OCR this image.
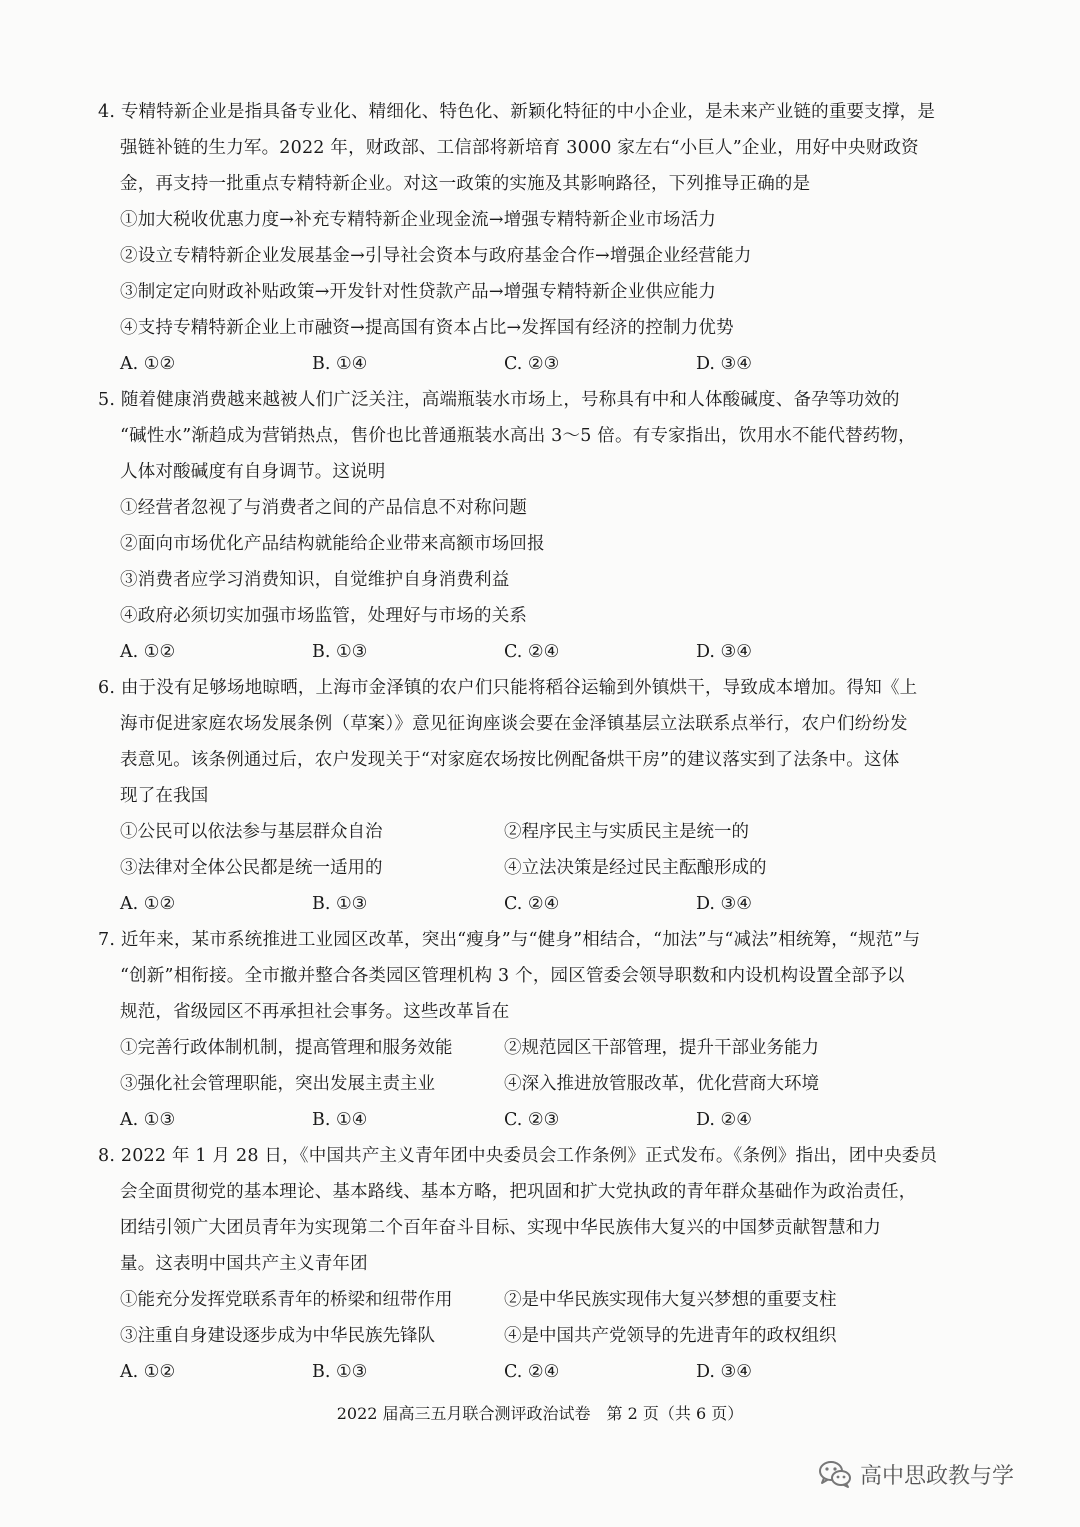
4. 专精特新企业是指具备专业化、精细化、特色化、新颖化特征的中小企业，是未来产业链的重要支撑，是
强链补链的生力军。2022 年，财政部、工信部将新培育 3000 家左右“小巨人”企业，用好中央财政资
金，再支持一批重点专精特新企业。对这一政策的实施及其影响路径，下列推导正确的是
①加大税收优惠力度→补充专精特新企业现金流→增强专精特新企业市场活力
②设立专精特新企业发展基金→引导社会资本与政府基金合作→增强企业经营能力
③制定定向财政补贴政策→开发针对性贷款产品→增强专精特新企业供应能力
④支持专精特新企业上市融资→提高国有资本占比→发挥国有经济的控制力优势
A. ①②	B. ①④	C. ②③	D. ③④
5. 随着健康消费越来越被人们广泛关注，高端瓶装水市场上，号称具有中和人体酸碱度、备孕等功效的
“碱性水”渐趋成为营销热点，售价也比普通瓶装水高出 3～5 倍。有专家指出，饮用水不能代替药物，
人体对酸碱度有自身调节。这说明
①经营者忽视了与消费者之间的产品信息不对称问题
②面向市场优化产品结构就能给企业带来高额市场回报
③消费者应学习消费知识，自觉维护自身消费利益
④政府必须切实加强市场监管，处理好与市场的关系
A. ①②	B. ①③	C. ②④	D. ③④
6. 由于没有足够场地晾晒，上海市金泽镇的农户们只能将稻谷运输到外镇烘干，导致成本增加。得知《上
海市促进家庭农场发展条例（草案）》意见征询座谈会要在金泽镇基层立法联系点举行，农户们纷纷发
表意见。该条例通过后，农户发现关于“对家庭农场按比例配备烘干房”的建议落实到了法条中。这体
现了在我国
①公民可以依法参与基层群众自治	②程序民主与实质民主是统一的
③法律对全体公民都是统一适用的	④立法决策是经过民主酝酿形成的
A. ①②	B. ①③	C. ②④	D. ③④
7. 近年来，某市系统推进工业园区改革，突出“瘦身”与“健身”相结合，“加法”与“减法”相统筹，“规范”与
“创新”相衔接。全市撤并整合各类园区管理机构 3 个，园区管委会领导职数和内设机构设置全部予以
规范，省级园区不再承担社会事务。这些改革旨在
①完善行政体制机制，提高管理和服务效能	②规范园区干部管理，提升干部业务能力
③强化社会管理职能，突出发展主责主业	④深入推进放管服改革，优化营商大环境
A. ①③	B. ①④	C. ②③	D. ②④
8. 2022 年 1 月 28 日，《中国共产主义青年团中央委员会工作条例》正式发布。《条例》指出，团中央委员
会全面贯彻党的基本理论、基本路线、基本方略，把巩固和扩大党执政的青年群众基础作为政治责任，
团结引领广大团员青年为实现第二个百年奋斗目标、实现中华民族伟大复兴的中国梦贡献智慧和力
量。这表明中国共产主义青年团
①能充分发挥党联系青年的桥梁和纽带作用	②是中华民族实现伟大复兴梦想的重要支柱
③注重自身建设逐步成为中华民族先锋队	④是中国共产党领导的先进青年的政权组织
A. ①②	B. ①③	C. ②④	D. ③④
2022 届高三五月联合测评政治试卷　第 2 页（共 6 页）
高中思政教与学
